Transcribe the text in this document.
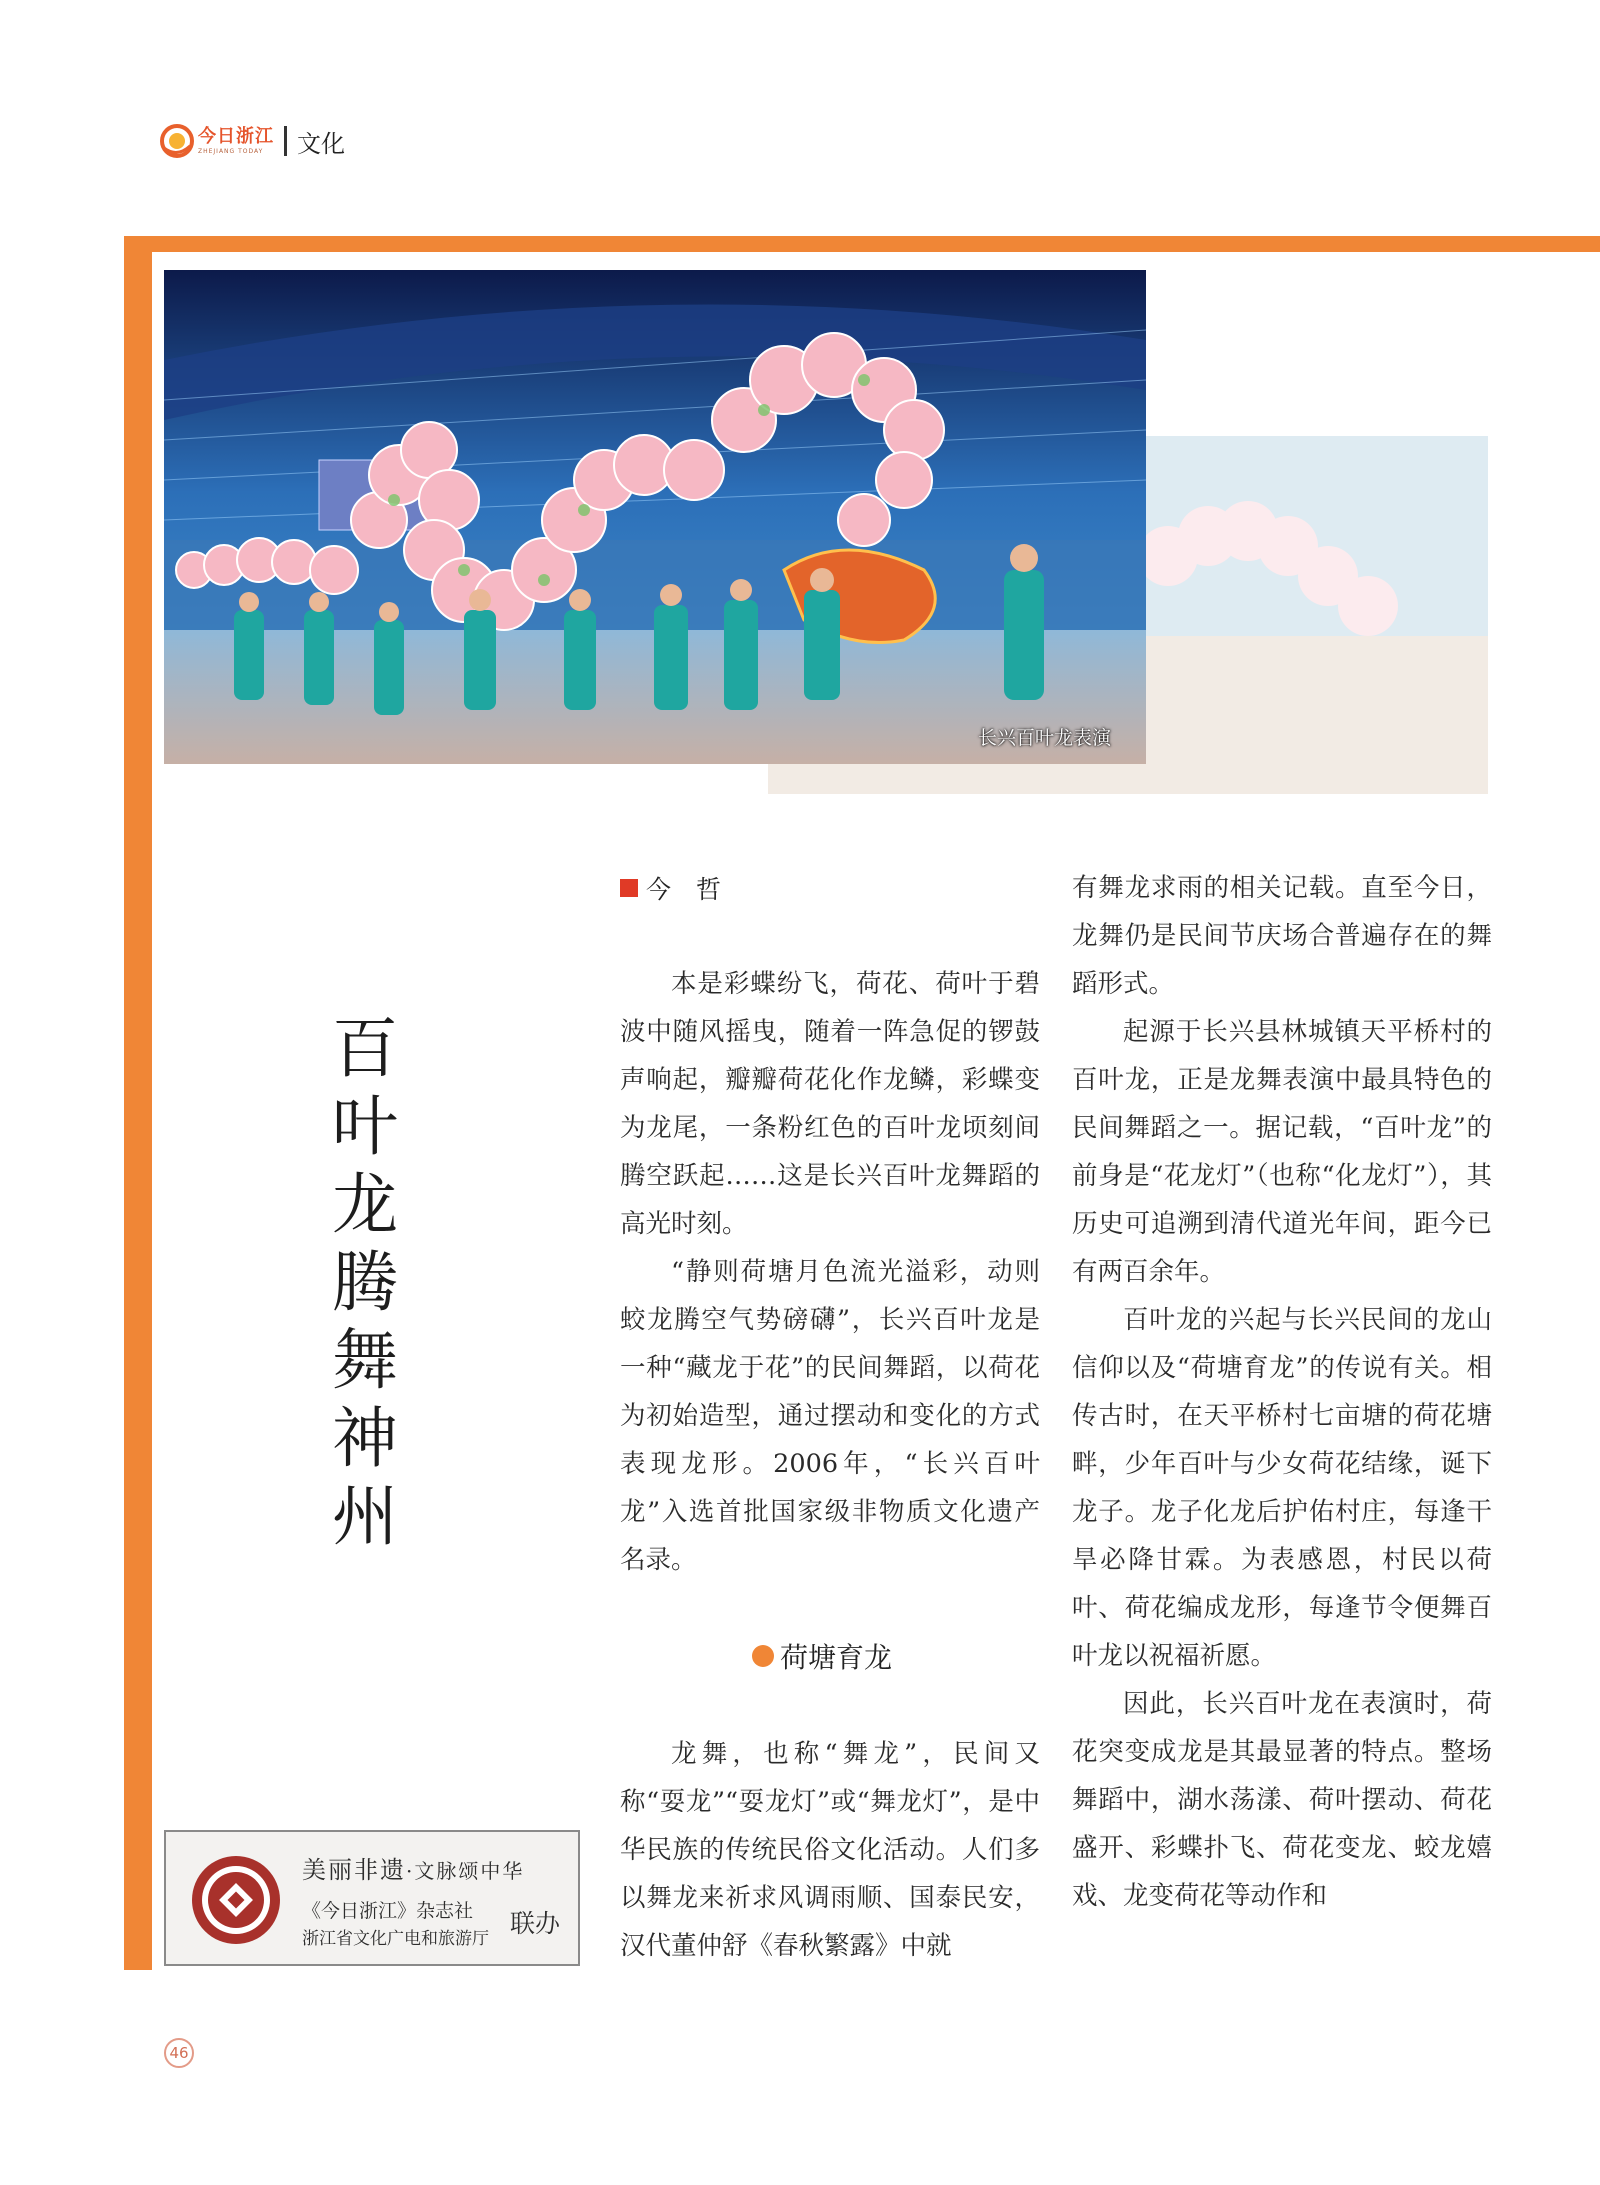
今日浙江
ZHEJIANG TODAY	文化
长兴百叶龙表演
百
叶
龙
腾
舞
神
州
美丽非遗·文脉颂中华
《今日浙江》杂志社
浙江省文化广电和旅游厅
联办
今　哲

本是彩蝶纷飞，荷花、荷叶于碧波中随风摇曳，随着一阵急促的锣鼓声响起，瓣瓣荷花化作龙鳞，彩蝶变为龙尾，一条粉红色的百叶龙顷刻间腾空跃起……这是长兴百叶龙舞蹈的高光时刻。

“静则荷塘月色流光溢彩，动则蛟龙腾空气势磅礴”，长兴百叶龙是一种“藏龙于花”的民间舞蹈，以荷花为初始造型，通过摆动和变化的方式表现龙形。2006年，“长兴百叶龙”入选首批国家级非物质文化遗产名录。

荷塘育龙

龙舞，也称“舞龙”，民间又称“耍龙”“耍龙灯”或“舞龙灯”，是中华民族的传统民俗文化活动。人们多以舞龙来祈求风调雨顺、国泰民安，汉代董仲舒《春秋繁露》中就

有舞龙求雨的相关记载。直至今日，龙舞仍是民间节庆场合普遍存在的舞蹈形式。

起源于长兴县林城镇天平桥村的百叶龙，正是龙舞表演中最具特色的民间舞蹈之一。据记载，“百叶龙”的前身是“花龙灯”（也称“化龙灯”），其历史可追溯到清代道光年间，距今已有两百余年。

百叶龙的兴起与长兴民间的龙山信仰以及“荷塘育龙”的传说有关。相传古时，在天平桥村七亩塘的荷花塘畔，少年百叶与少女荷花结缘，诞下龙子。龙子化龙后护佑村庄，每逢干旱必降甘霖。为表感恩，村民以荷叶、荷花编成龙形，每逢节令便舞百叶龙以祝福祈愿。

因此，长兴百叶龙在表演时，荷花突变成龙是其最显著的特点。整场舞蹈中，湖水荡漾、荷叶摆动、荷花盛开、彩蝶扑飞、荷花变龙、蛟龙嬉戏、龙变荷花等动作和

46
